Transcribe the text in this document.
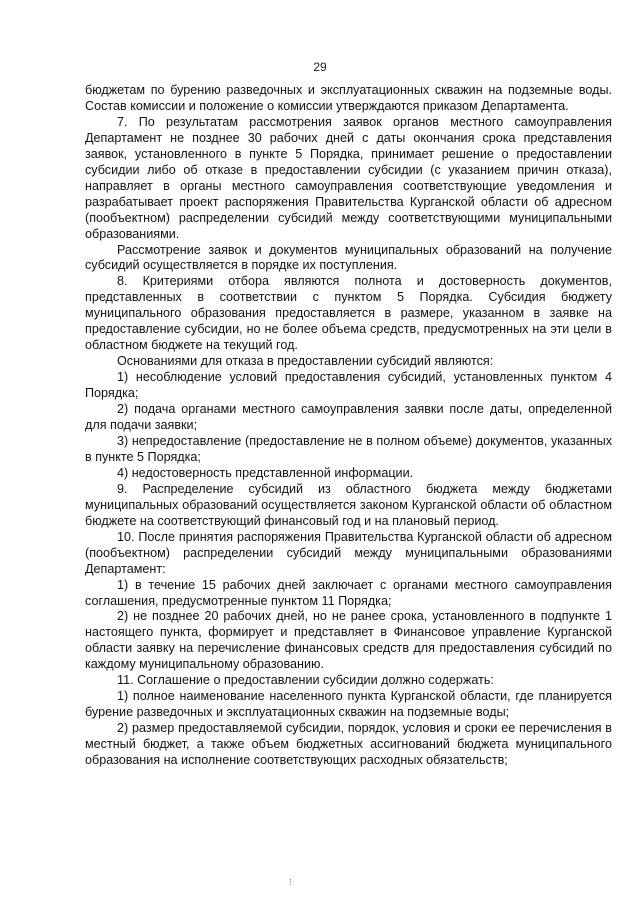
29

бюджетам по бурению разведочных и эксплуатационных скважин на подземные воды. Состав комиссии и положение о комиссии утверждаются приказом Департамента.

7. По результатам рассмотрения заявок органов местного самоуправления Департамент не позднее 30 рабочих дней с даты окончания срока представления заявок, установленного в пункте 5 Порядка, принимает решение о предоставлении субсидии либо об отказе в предоставлении субсидии (с указанием причин отказа), направляет в органы местного самоуправления соответствующие уведомления и разрабатывает проект распоряжения Правительства Курганской области об адресном (пообъектном) распределении субсидий между соответствующими муниципальными образованиями.

Рассмотрение заявок и документов муниципальных образований на получение субсидий осуществляется в порядке их поступления.

8. Критериями отбора являются полнота и достоверность документов, представленных в соответствии с пунктом 5 Порядка. Субсидия бюджету муниципального образования предоставляется в размере, указанном в заявке на предоставление субсидии, но не более объема средств, предусмотренных на эти цели в областном бюджете на текущий год.

Основаниями для отказа в предоставлении субсидий являются:

1) несоблюдение условий предоставления субсидий, установленных пунктом 4 Порядка;

2) подача органами местного самоуправления заявки после даты, определенной для подачи заявки;

3) непредоставление (предоставление не в полном объеме) документов, указанных в пункте 5 Порядка;

4) недостоверность представленной информации.

9. Распределение субсидий из областного бюджета между бюджетами муниципальных образований осуществляется законом Курганской области об областном бюджете на соответствующий финансовый год и на плановый период.

10. После принятия распоряжения Правительства Курганской области об адресном (пообъектном) распределении субсидий между муниципальными образованиями Департамент:

1) в течение 15 рабочих дней заключает с органами местного самоуправления соглашения, предусмотренные пунктом 11 Порядка;

2) не позднее 20 рабочих дней, но не ранее срока, установленного в подпункте 1 настоящего пункта, формирует и представляет в Финансовое управление Курганской области заявку на перечисление финансовых средств для предоставления субсидий по каждому муниципальному образованию.

11. Соглашение о предоставлении субсидии должно содержать:

1) полное наименование населенного пункта Курганской области, где планируется бурение разведочных и эксплуатационных скважин на подземные воды;

2) размер предоставляемой субсидии, порядок, условия и сроки ее перечисления в местный бюджет, а также объем бюджетных ассигнований бюджета муниципального образования на исполнение соответствующих расходных обязательств;

⁝
